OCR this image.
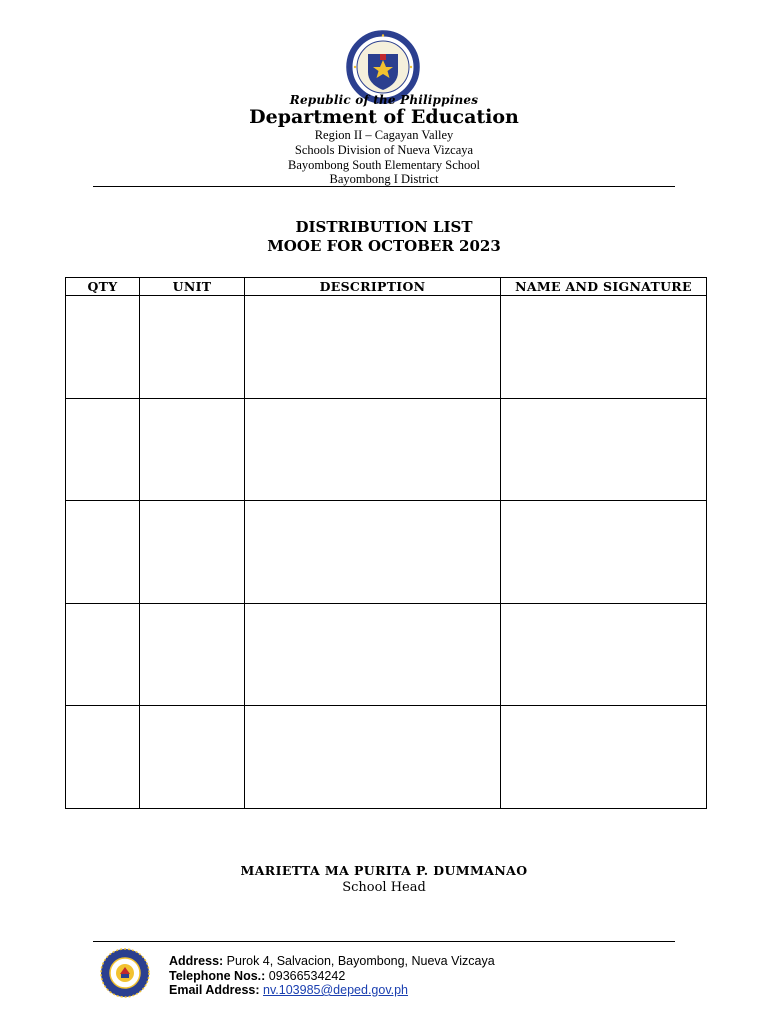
Republic of the Philippines
Department of Education
Region II – Cagayan Valley
Schools Division of Nueva Vizcaya
Bayombong South Elementary School
Bayombong I District
DISTRIBUTION LIST
MOOE FOR OCTOBER 2023
QTY	UNIT	DESCRIPTION	NAME AND SIGNATURE

MARIETTA MA PURITA P. DUMMANAO
School Head
Address: Purok 4, Salvacion, Bayombong, Nueva Vizcaya
Telephone Nos.: 09366534242
Email Address: nv.103985@deped.gov.ph
